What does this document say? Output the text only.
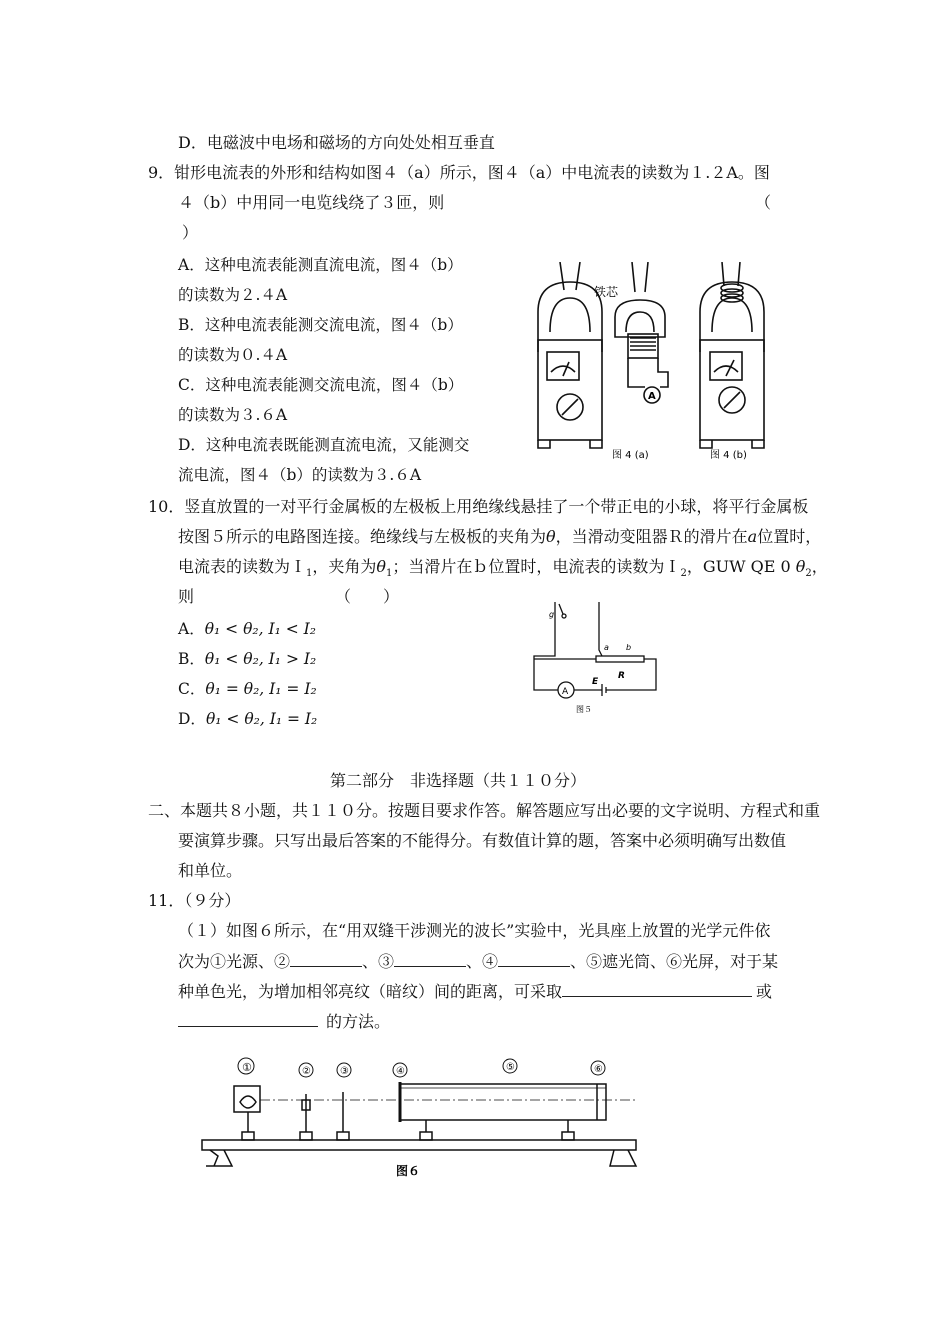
D．电磁波中电场和磁场的方向处处相互垂直
9．钳形电流表的外形和结构如图４（a）所示，图４（a）中电流表的读数为１.２A。图
４（b）中用同一电览线绕了３匝，则	（
）
A．这种电流表能测直流电流，图４（b）
的读数为２.４A
B．这种电流表能测交流电流，图４（b）
的读数为０.４A
C．这种电流表能测交流电流，图４（b）
的读数为３.６A
D．这种电流表既能测直流电流，又能测交
流电流，图４（b）的读数为３.６A
铁芯
A
图 4 (a)	图 4 (b)
10．竖直放置的一对平行金属板的左极板上用绝缘线悬挂了一个带正电的小球，将平行金属板
按图５所示的电路图连接。绝缘线与左极板的夹角为θ，当滑动变阻器Ｒ的滑片在a位置时，
电流表的读数为Ｉ$_1$，夹角为$\theta_1$；当滑片在ｂ位置时，电流表的读数为Ｉ$_2$，GUW QE 0 $\theta_2$，
则	（　　）
A．θ₁ < θ₂, I₁ < I₂
B．θ₁ < θ₂, I₁ > I₂
C．θ₁ = θ₂, I₁ = I₂
D．θ₁ < θ₂, I₁ = I₂
g
a b
R
E
A
图５
第二部分　非选择题（共１１０分）
二、本题共８小题，共１１０分。按题目要求作答。解答题应写出必要的文字说明、方程式和重
要演算步骤。只写出最后答案的不能得分。有数值计算的题，答案中必须明确写出数值
和单位。
11．（９分）
（１）如图６所示，在“用双缝干涉测光的波长”实验中，光具座上放置的光学元件依
次为①光源、②	、③	、④	、⑤遮光筒、⑥光屏，对于某
种单色光，为增加相邻亮纹（暗纹）间的距离，可采取	或
的方法。
①	②	③	④	⑤	⑥
图６
